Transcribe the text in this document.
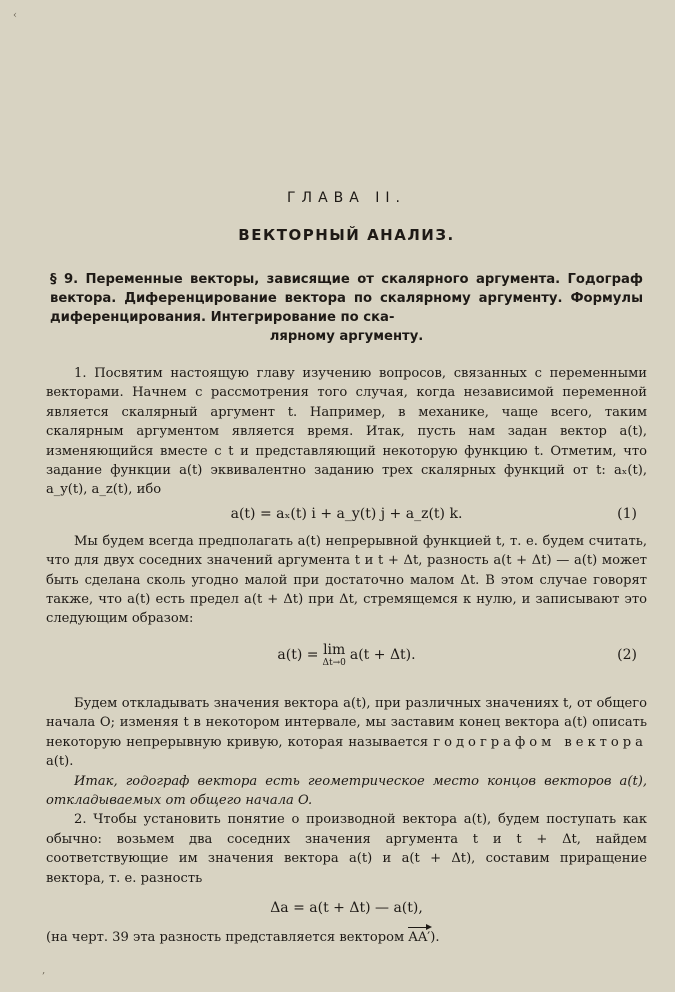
‹
ГЛАВА II.
ВЕКТОРНЫЙ АНАЛИЗ.
§ 9. Переменные векторы, зависящие от скалярного аргумента. Годограф вектора. Диференцирование вектора по скалярному аргументу. Формулы диференцирования. Интегрирование по ска-
лярному аргументу.

1. Посвятим настоящую главу изучению вопросов, связанных с переменными векторами. Начнем с рассмотрения того случая, когда независимой переменной является скалярный аргумент t. Например, в механике, чаще всего, таким скалярным аргументом является время. Итак, пусть нам задан вектор a(t), изменяющийся вместе с t и представляющий некоторую функцию t. Отметим, что задание функции a(t) эквивалентно заданию трех скалярных функций от t: aₓ(t), a_y(t), a_z(t), ибо

a(t) = aₓ(t) i + a_y(t) j + a_z(t) k.	(1)

Мы будем всегда предполагать a(t) непрерывной функцией t, т. е. будем считать, что для двух соседних значений аргумента t и t + Δt, разность a(t + Δt) — a(t) может быть сделана сколь угодно малой при достаточно малом Δt. В этом случае говорят также, что a(t) есть предел a(t + Δt) при Δt, стремящемся к нулю, и записывают это следующим образом:

a(t) = lim
Δt→0 a(t + Δt).	(2)

Будем откладывать значения вектора a(t), при различных значениях t, от общего начала O; изменяя t в некотором интервале, мы заставим конец вектора a(t) описать некоторую непрерывную кривую, которая называется годографом вектора a(t).

Итак, годограф вектора есть геометрическое место концов векторов a(t), откладываемых от общего начала O.

2. Чтобы установить понятие о производной вектора a(t), будем поступать как обычно: возьмем два соседних значения аргумента t и t + Δt, найдем соответствующие им значения вектора a(t) и a(t + Δt), составим приращение вектора, т. е. разность

Δa = a(t + Δt) — a(t),
(на черт. 39 эта разность представляется вектором AA′).
‚
